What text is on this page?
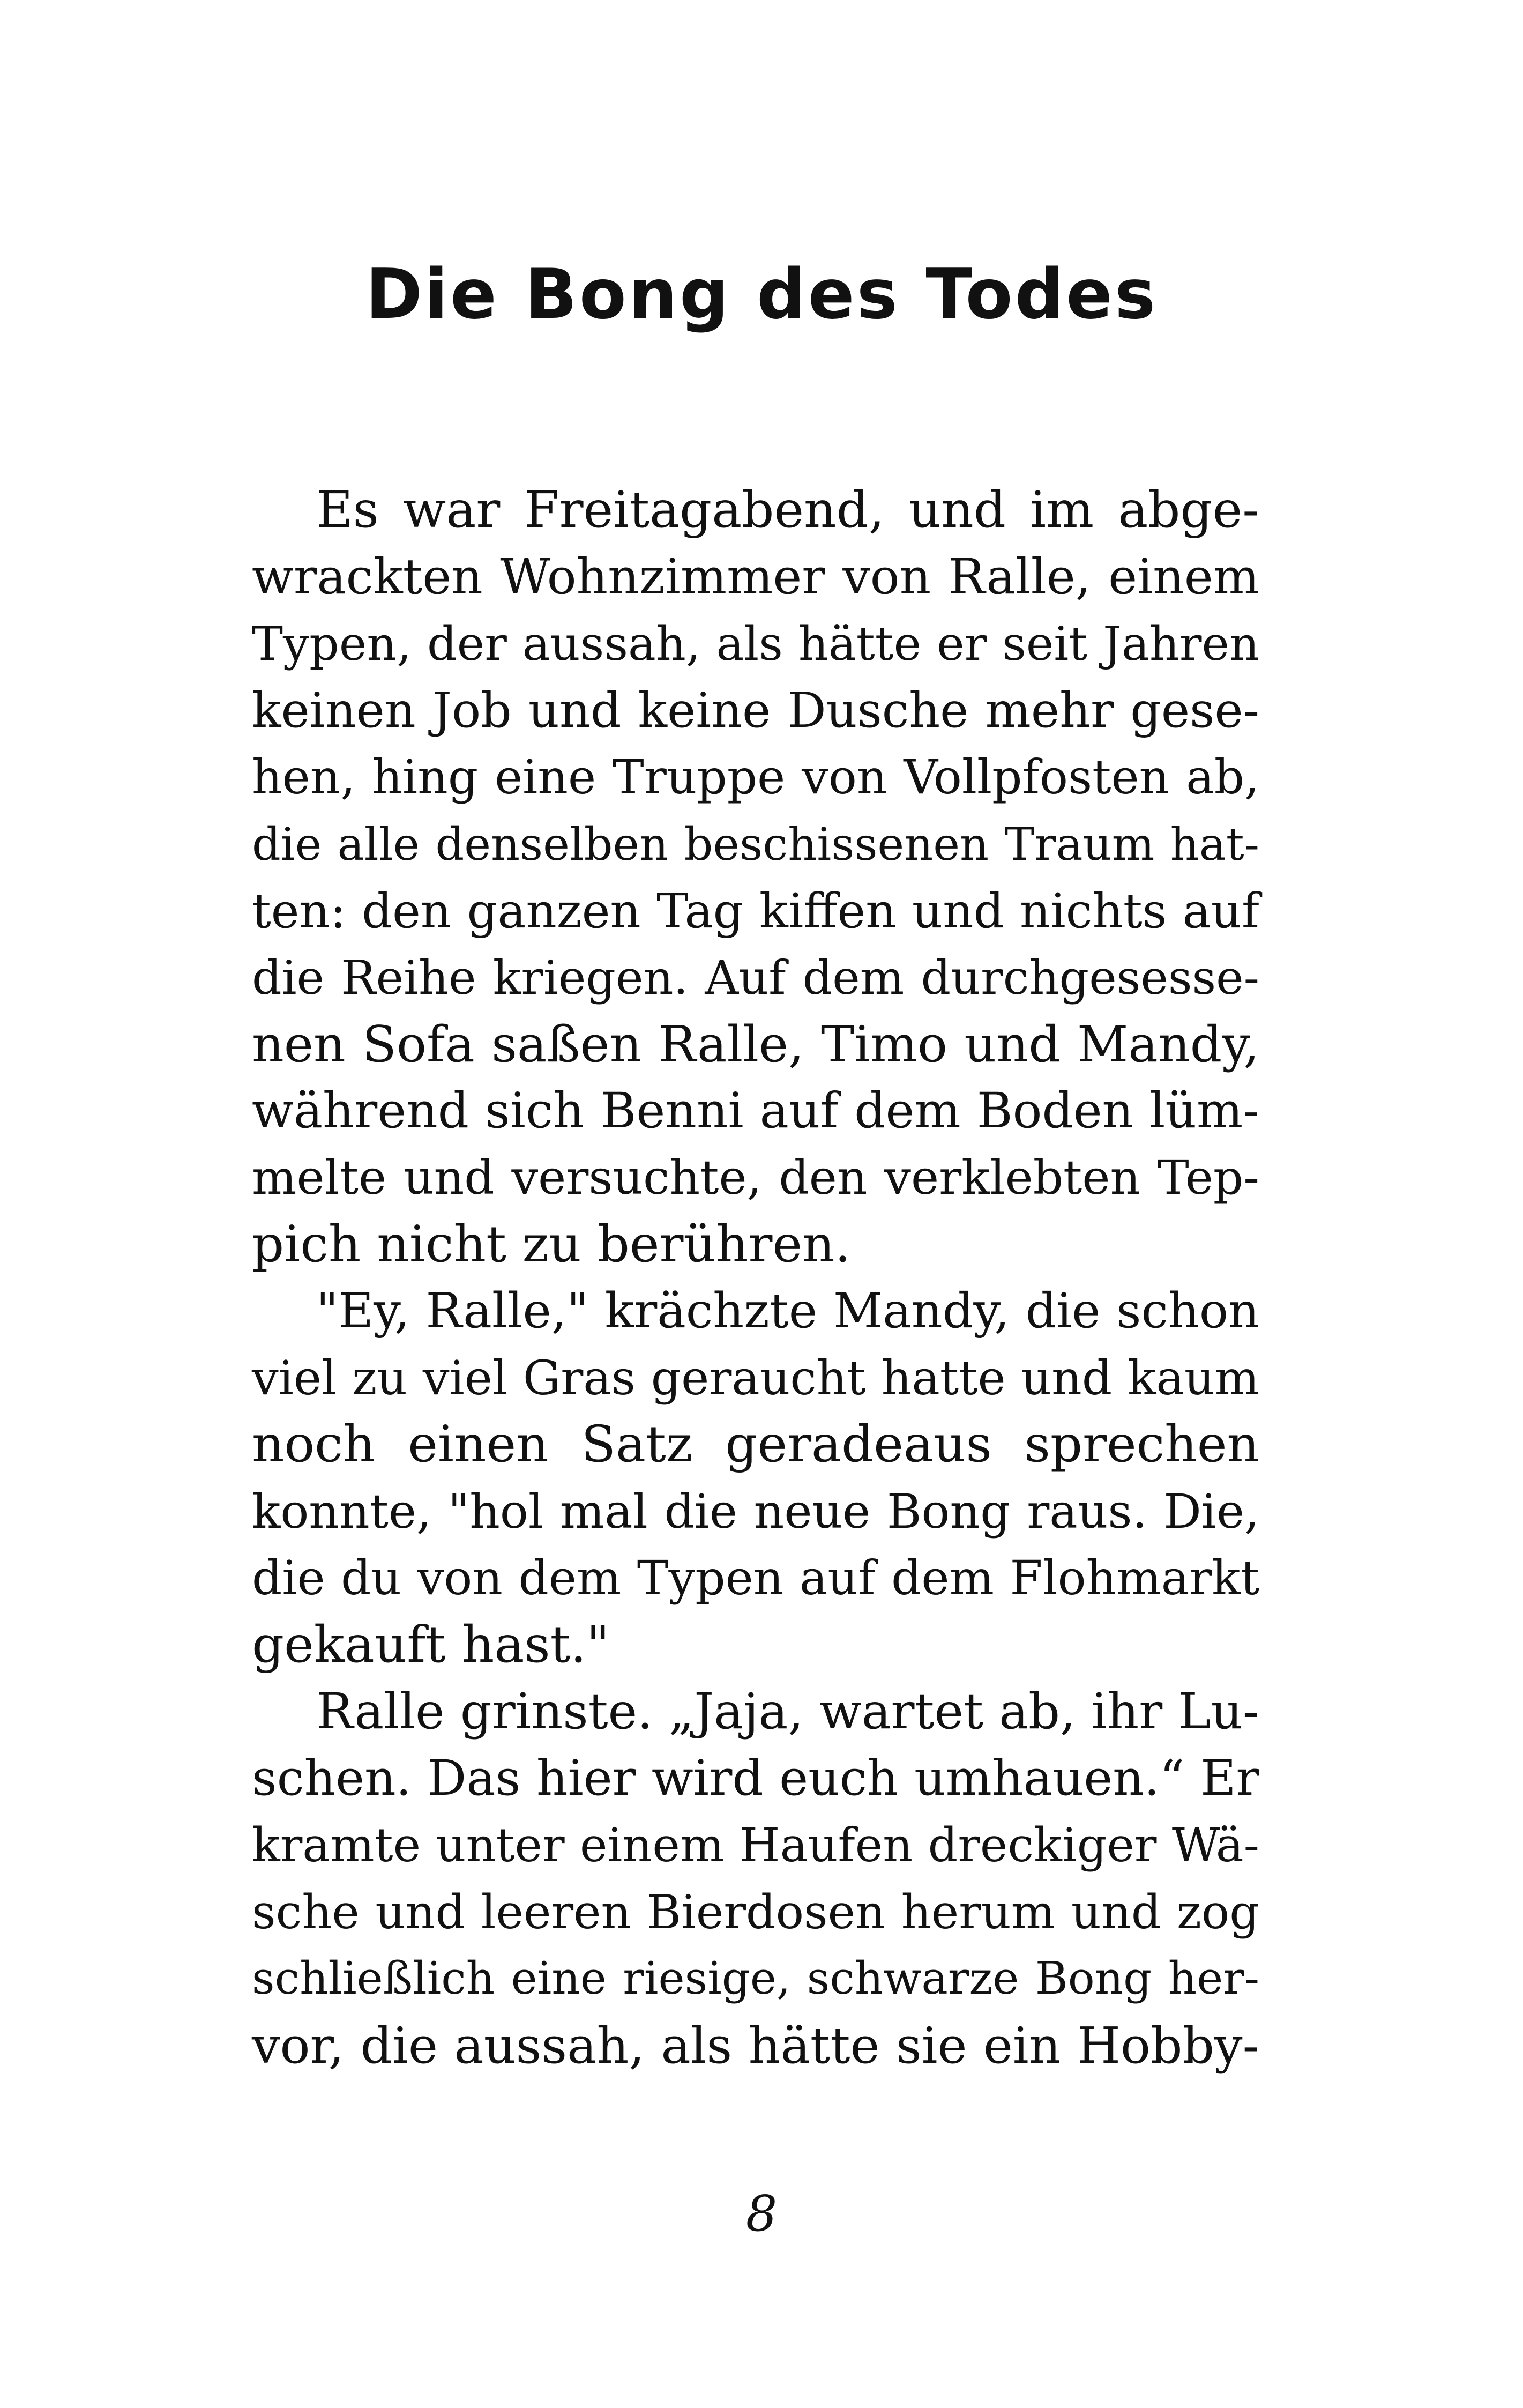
Die Bong des Todes
Es war Freitagabend, und im abge-
wrackten Wohnzimmer von Ralle, einem
Typen, der aussah, als hätte er seit Jahren
keinen Job und keine Dusche mehr gese-
hen, hing eine Truppe von Vollpfosten ab,
die alle denselben beschissenen Traum hat-
ten: den ganzen Tag kiffen und nichts auf
die Reihe kriegen. Auf dem durchgesesse-
nen Sofa saßen Ralle, Timo und Mandy,
während sich Benni auf dem Boden lüm-
melte und versuchte, den verklebten Tep-
pich nicht zu berühren.
"Ey, Ralle," krächzte Mandy, die schon
viel zu viel Gras geraucht hatte und kaum
noch einen Satz geradeaus sprechen
konnte, "hol mal die neue Bong raus. Die,
die du von dem Typen auf dem Flohmarkt
gekauft hast."
Ralle grinste. „Jaja, wartet ab, ihr Lu-
schen. Das hier wird euch umhauen.“ Er
kramte unter einem Haufen dreckiger Wä-
sche und leeren Bierdosen herum und zog
schließlich eine riesige, schwarze Bong her-
vor, die aussah, als hätte sie ein Hobby-
8
